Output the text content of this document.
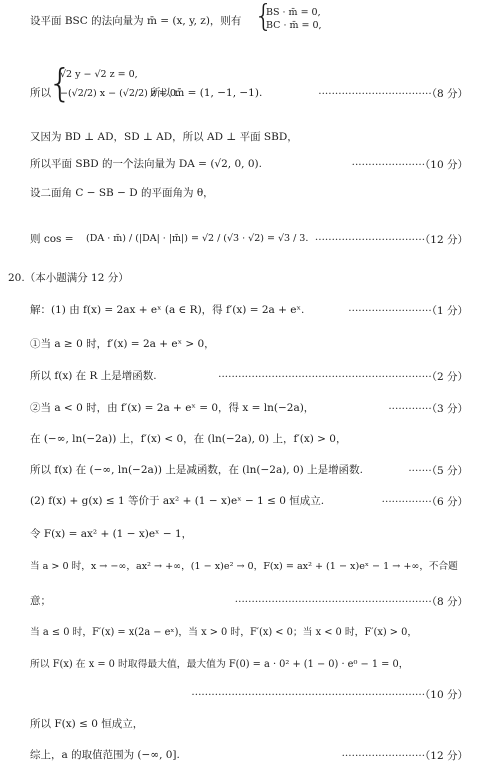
设平面 BSC 的法向量为 m̄ = (x, y, z)，则有 {
BS · m̄ = 0,
BC · m̄ = 0,
所以	所以 m̄ = (1, −1, −1).
{
√2 y − √2 z = 0,
−(√2/2) x − (√2/2) z = 0.	··································（8 分）
又因为 BD ⊥ AD，SD ⊥ AD，所以 AD ⊥ 平面 SBD，
所以平面 SBD 的一个法向量为 DA = (√2, 0, 0).	······················（10 分）
设二面角 C − SB − D 的平面角为 θ，
则 cos = (DA · m̄) / (|DA| · |m̄|) = √2 / (√3 · √2) = √3 / 3. ·································（12 分）
20.（本小题满分 12 分）
解：(1) 由 f(x) = 2ax + eˣ (a ∈ R)，得 f′(x) = 2a + eˣ.	·························（1 分）
①当 a ≥ 0 时，f′(x) = 2a + eˣ > 0，
所以 f(x) 在 R 上是增函数.	································································（2 分）
②当 a < 0 时，由 f′(x) = 2a + eˣ = 0，得 x = ln(−2a)，	·············（3 分）
在 (−∞, ln(−2a)) 上，f′(x) < 0，在 (ln(−2a), 0) 上，f′(x) > 0，
所以 f(x) 在 (−∞, ln(−2a)) 上是减函数，在 (ln(−2a), 0) 上是增函数.	·······（5 分）
(2) f(x) + g(x) ≤ 1 等价于 ax² + (1 − x)eˣ − 1 ≤ 0 恒成立.	···············（6 分）
令 F(x) = ax² + (1 − x)eˣ − 1，
当 a > 0 时，x → −∞，ax² → +∞，(1 − x)e² → 0，F(x) = ax² + (1 − x)eˣ − 1 → +∞，不合题
意；	···························································（8 分）
当 a ≤ 0 时，F′(x) = x(2a − eˣ)，当 x > 0 时，F′(x) < 0；当 x < 0 时，F′(x) > 0，
所以 F(x) 在 x = 0 时取得最大值，最大值为 F(0) = a · 0² + (1 − 0) · e⁰ − 1 = 0，
······································································（10 分）
所以 F(x) ≤ 0 恒成立，
综上，a 的取值范围为 (−∞, 0].	·························（12 分）
